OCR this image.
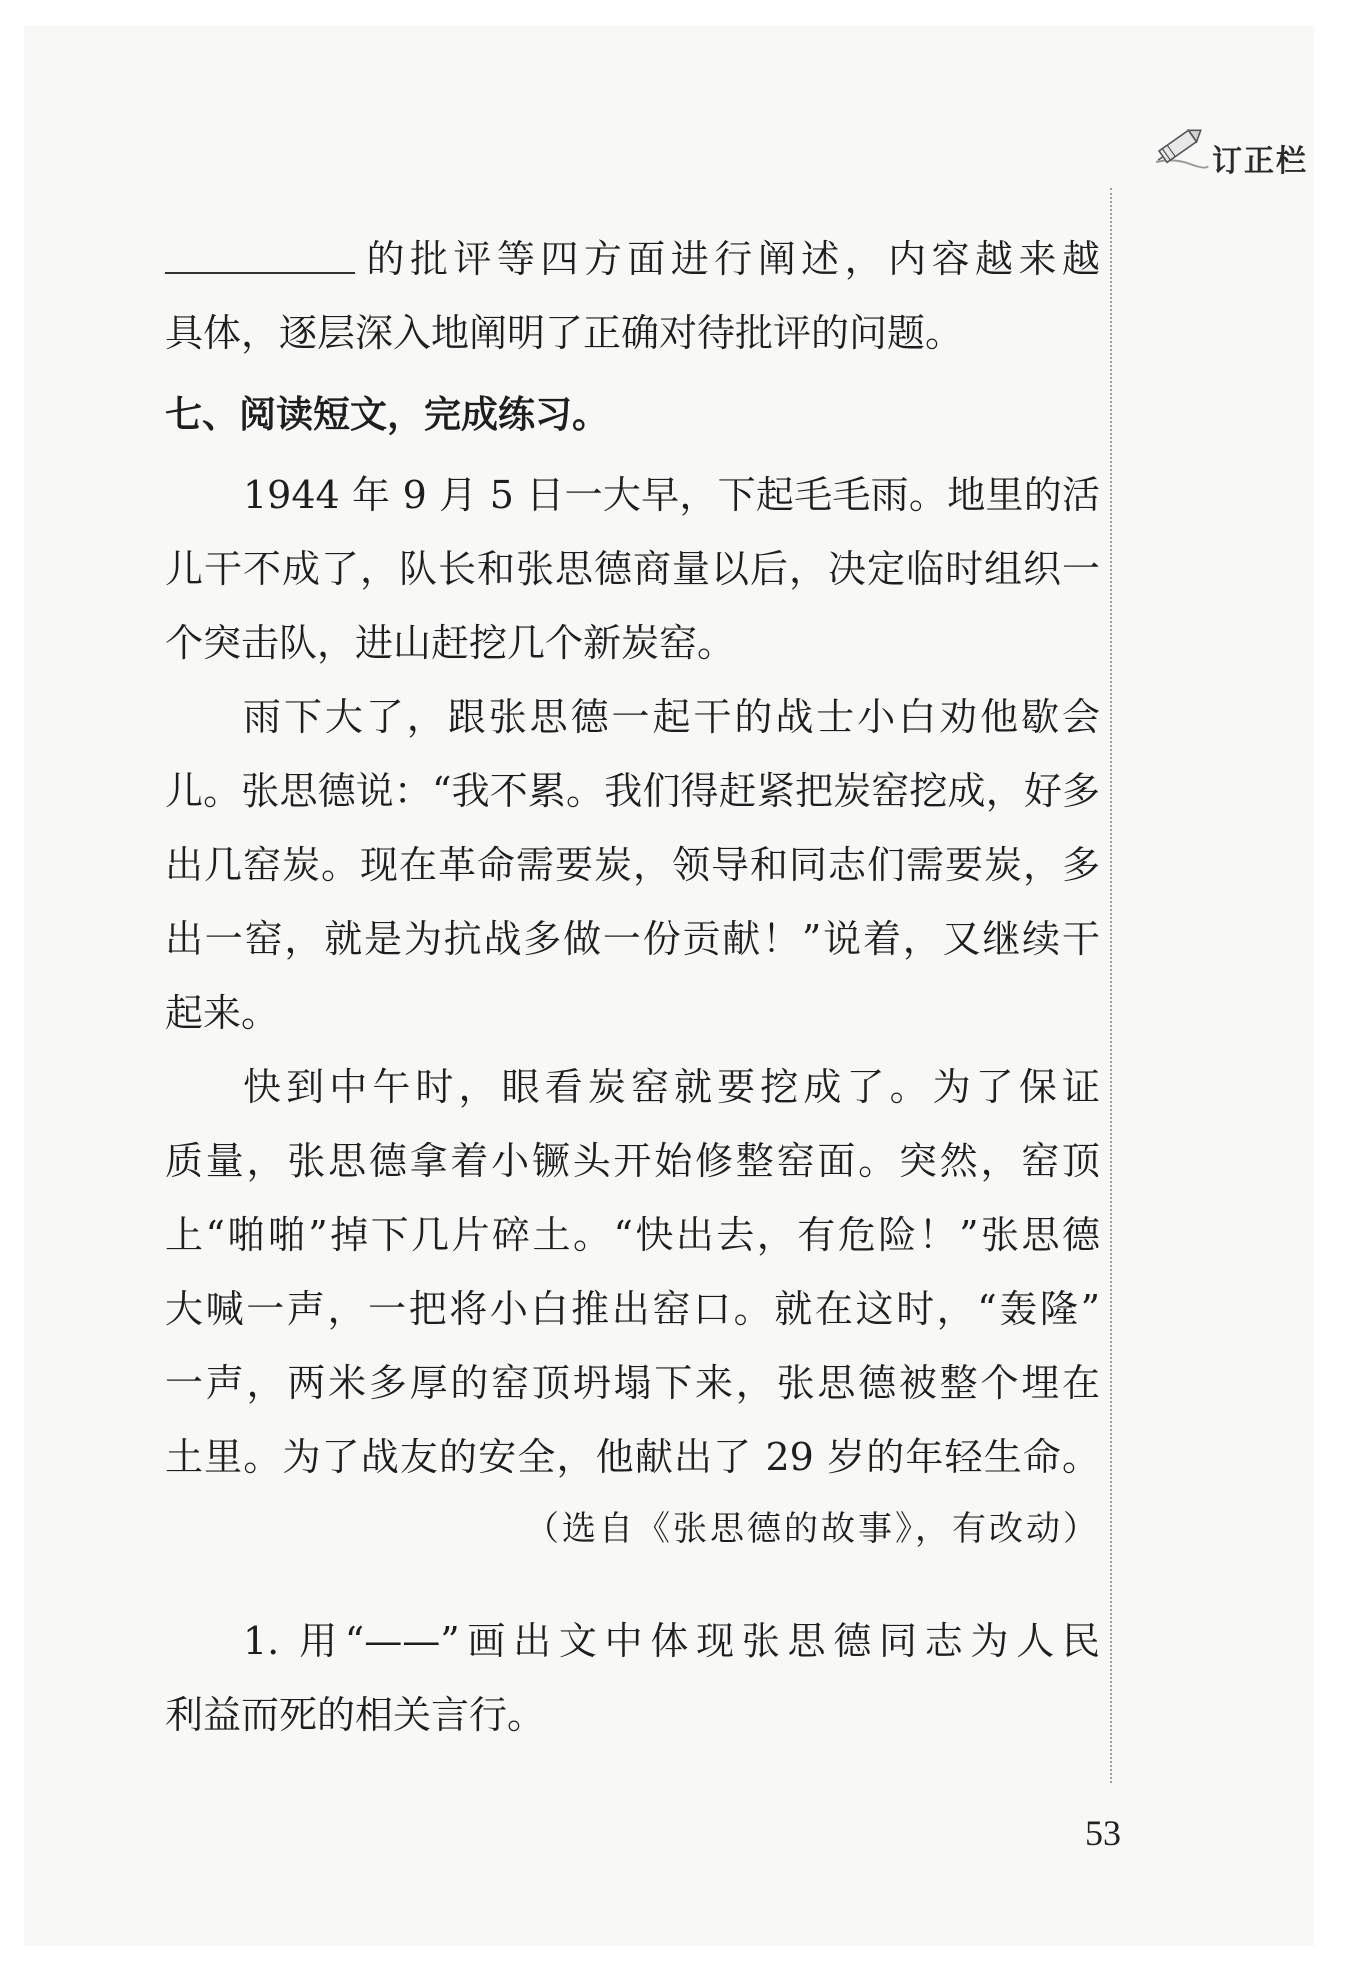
订正栏
的批评等四方面进行阐述，内容越来越
具体，逐层深入地阐明了正确对待批评的问题。
七、阅读短文，完成练习。
1944 年 9 月 5 日一大早，下起毛毛雨。地里的活
儿干不成了，队长和张思德商量以后，决定临时组织一
个突击队，进山赶挖几个新炭窑。
雨下大了，跟张思德一起干的战士小白劝他歇会
儿。张思德说：“我不累。我们得赶紧把炭窑挖成，好多
出几窑炭。现在革命需要炭，领导和同志们需要炭，多
出一窑，就是为抗战多做一份贡献！”说着，又继续干
起来。
快到中午时，眼看炭窑就要挖成了。为了保证
质量，张思德拿着小镢头开始修整窑面。突然，窑顶
上“啪啪”掉下几片碎土。“快出去，有危险！”张思德
大喊一声，一把将小白推出窑口。就在这时，“轰隆”
一声，两米多厚的窑顶坍塌下来，张思德被整个埋在
土里。为了战友的安全，他献出了 29 岁的年轻生命。
（选自《张思德的故事》，有改动）
1. 用“——”画出文中体现张思德同志为人民
利益而死的相关言行。
53
